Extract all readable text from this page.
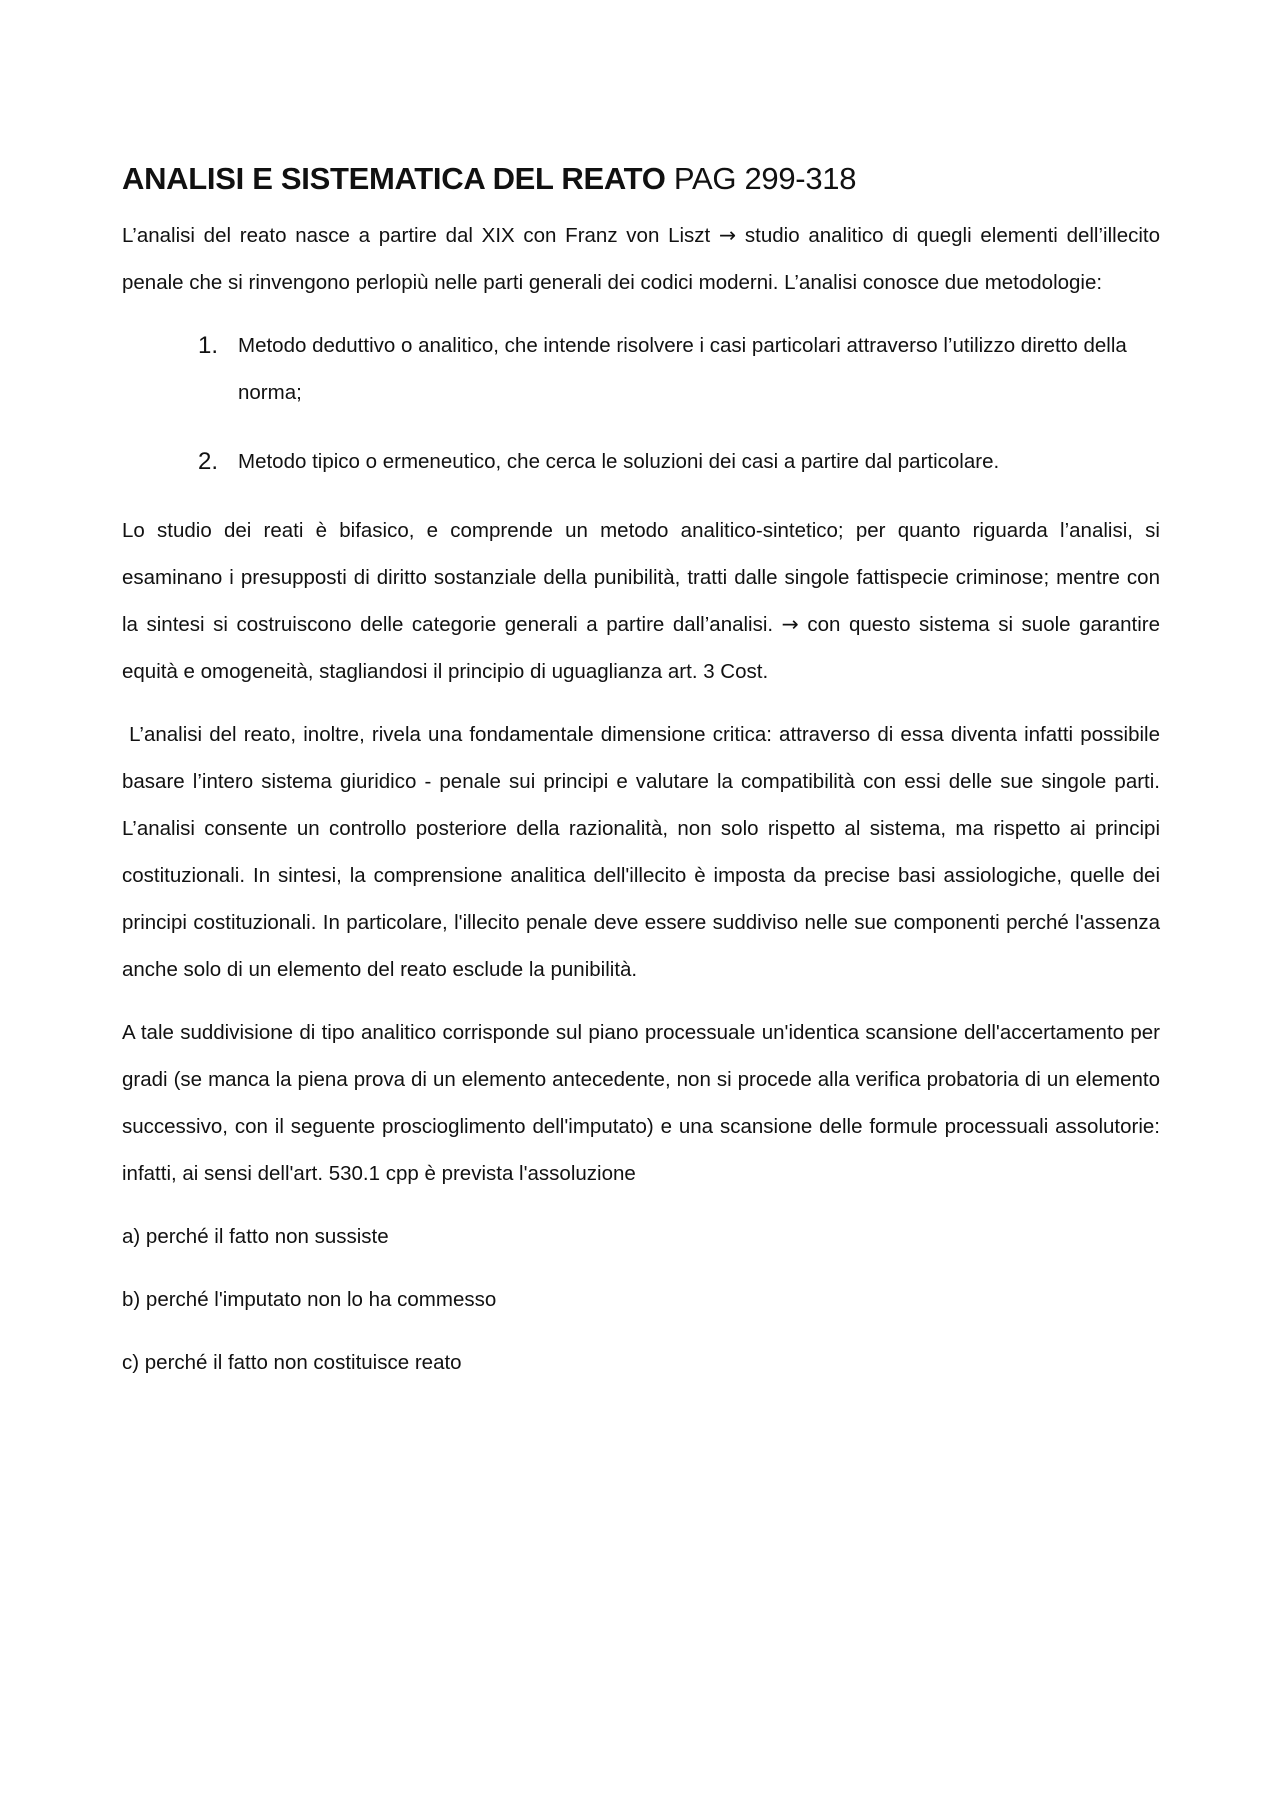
ANALISI E SISTEMATICA DEL REATO PAG 299-318

L’analisi del reato nasce a partire dal XIX con Franz von Liszt → studio analitico di quegli elementi dell’illecito penale che si rinvengono perlopiù nelle parti generali dei codici moderni. L’analisi conosce due metodologie:

1. Metodo deduttivo o analitico, che intende risolvere i casi particolari attraverso l’utilizzo diretto della norma;
2. Metodo tipico o ermeneutico, che cerca le soluzioni dei casi a partire dal particolare.

Lo studio dei reati è bifasico, e comprende un metodo analitico-sintetico; per quanto riguarda l’analisi, si esaminano i presupposti di diritto sostanziale della punibilità, tratti dalle singole fattispecie criminose; mentre con la sintesi si costruiscono delle categorie generali a partire dall’analisi. → con questo sistema si suole garantire equità e omogeneità, stagliandosi il principio di uguaglianza art. 3 Cost.

L’analisi del reato, inoltre, rivela una fondamentale dimensione critica: attraverso di essa diventa infatti possibile basare l’intero sistema giuridico - penale sui principi e valutare la compatibilità con essi delle sue singole parti. L’analisi consente un controllo posteriore della razionalità, non solo rispetto al sistema, ma rispetto ai principi costituzionali. In sintesi, la comprensione analitica dell'illecito è imposta da precise basi assiologiche, quelle dei principi costituzionali. In particolare, l'illecito penale deve essere suddiviso nelle sue componenti perché l'assenza anche solo di un elemento del reato esclude la punibilità.

A tale suddivisione di tipo analitico corrisponde sul piano processuale un'identica scansione dell'accertamento per gradi (se manca la piena prova di un elemento antecedente, non si procede alla verifica probatoria di un elemento successivo, con il seguente proscioglimento dell'imputato) e una scansione delle formule processuali assolutorie: infatti, ai sensi dell'art. 530.1 cpp è prevista l'assoluzione

a) perché il fatto non sussiste

b) perché l'imputato non lo ha commesso

c) perché il fatto non costituisce reato
